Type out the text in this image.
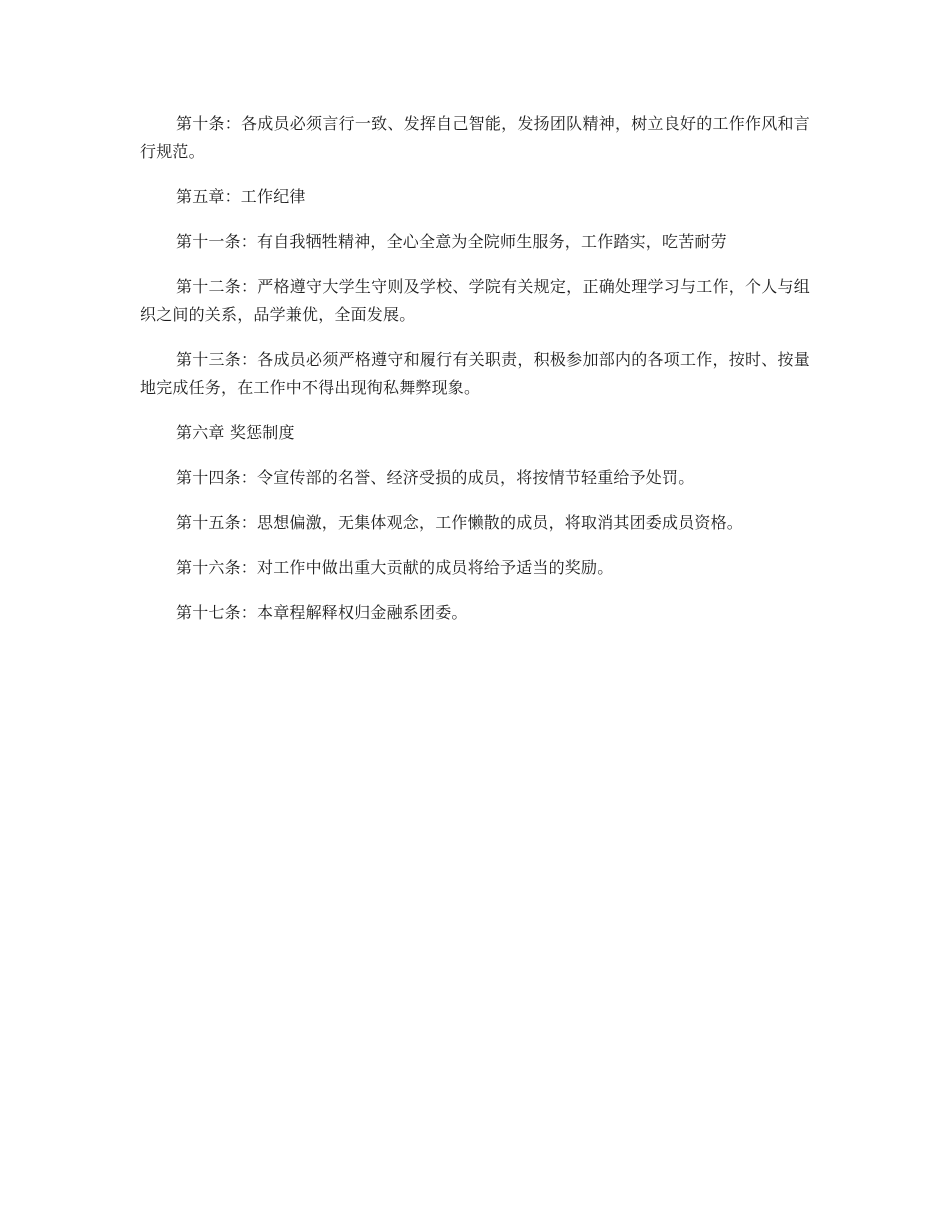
第十条：各成员必须言行一致、发挥自己智能，发扬团队精神，树立良好的工作作风和言行规范。

第五章：工作纪律

第十一条：有自我牺牲精神，全心全意为全院师生服务，工作踏实，吃苦耐劳

第十二条：严格遵守大学生守则及学校、学院有关规定，正确处理学习与工作，个人与组织之间的关系，品学兼优，全面发展。

第十三条：各成员必须严格遵守和履行有关职责，积极参加部内的各项工作，按时、按量地完成任务，在工作中不得出现徇私舞弊现象。

第六章 奖惩制度

第十四条：令宣传部的名誉、经济受损的成员，将按情节轻重给予处罚。

第十五条：思想偏激，无集体观念，工作懒散的成员，将取消其团委成员资格。

第十六条：对工作中做出重大贡献的成员将给予适当的奖励。

第十七条：本章程解释权归金融系团委。
